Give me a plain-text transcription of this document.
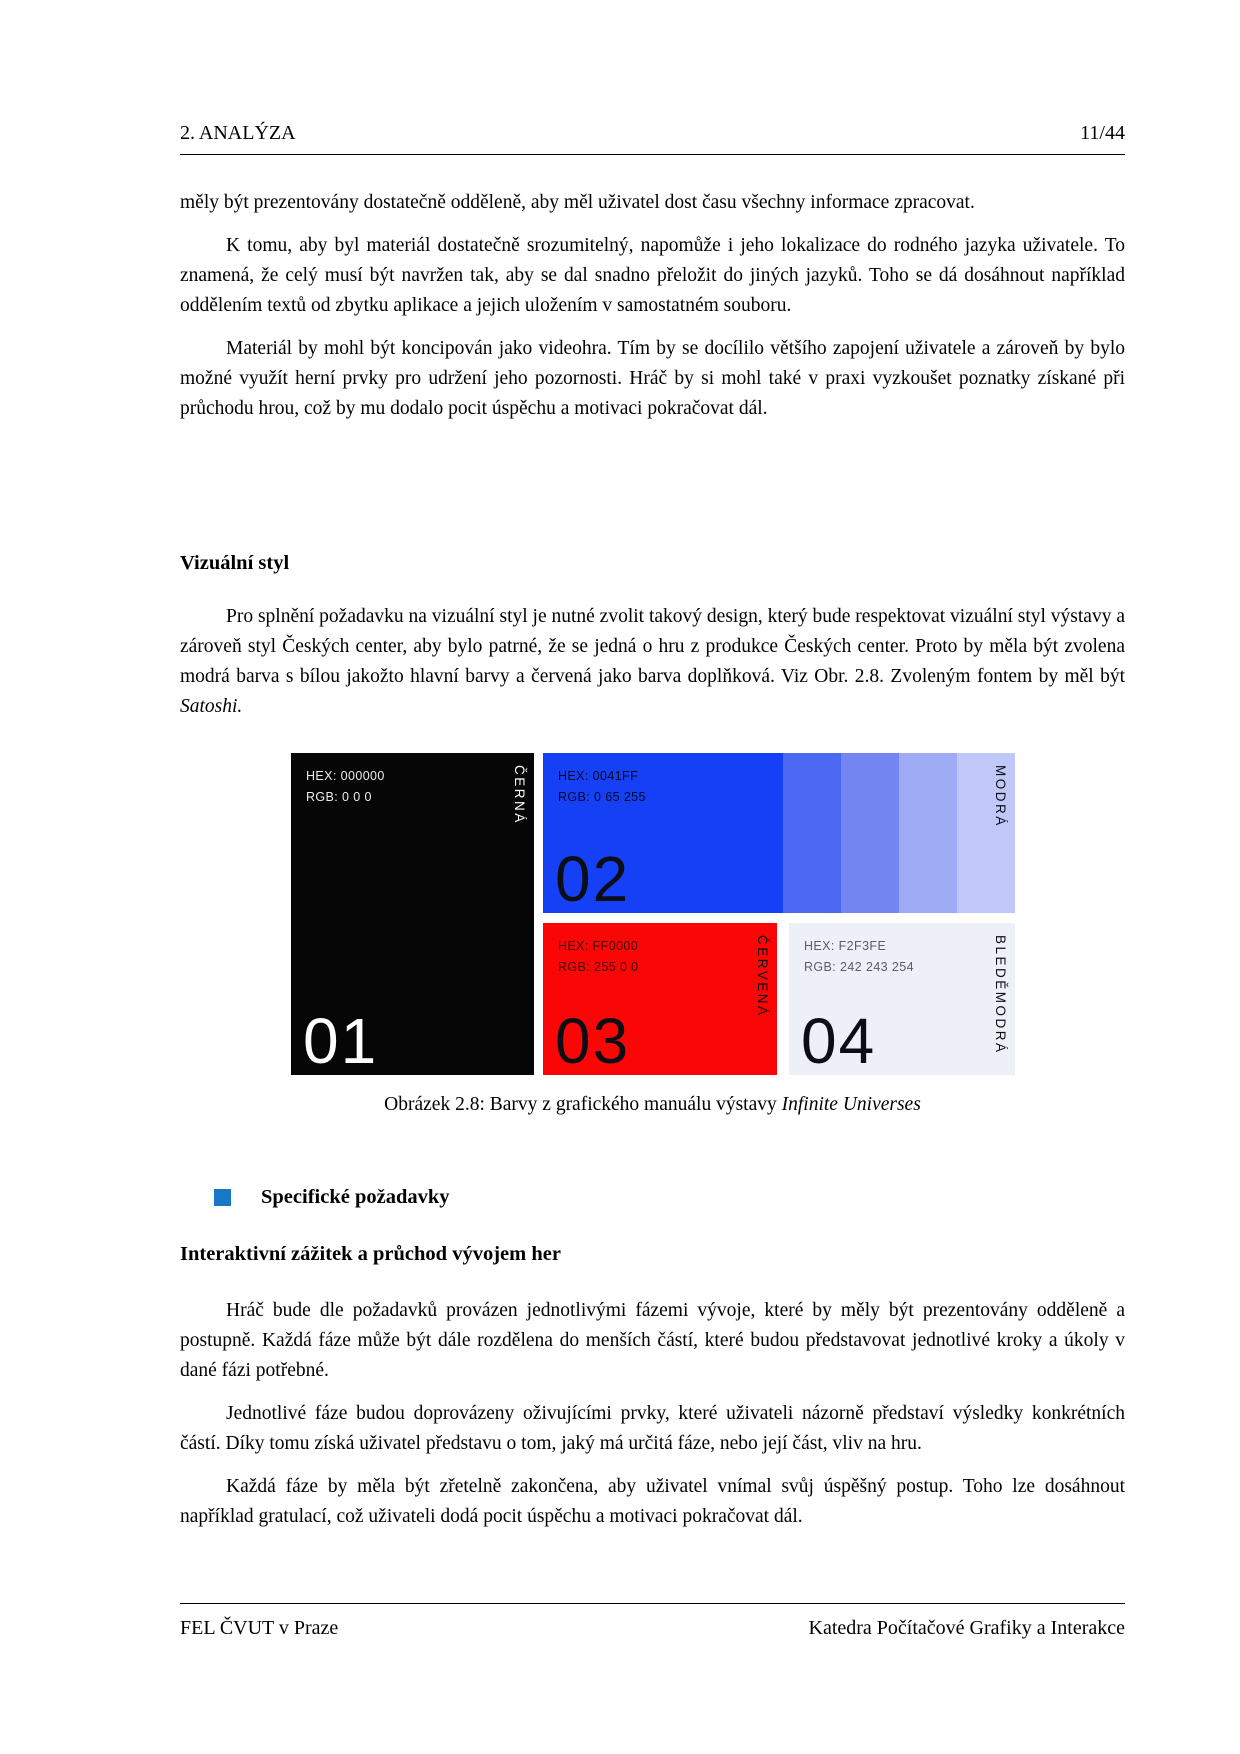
2. ANALÝZA	11/44

měly být prezentovány dostatečně odděleně, aby měl uživatel dost času všechny informace zpracovat.

K tomu, aby byl materiál dostatečně srozumitelný, napomůže i jeho lokalizace do rodného jazyka uživatele. To znamená, že celý musí být navržen tak, aby se dal snadno přeložit do jiných jazyků. Toho se dá dosáhnout například oddělením textů od zbytku aplikace a jejich uložením v samostatném souboru.

Materiál by mohl být koncipován jako videohra. Tím by se docílilo většího zapojení uživatele a zároveň by bylo možné využít herní prvky pro udržení jeho pozornosti. Hráč by si mohl také v praxi vyzkoušet poznatky získané při průchodu hrou, což by mu dodalo pocit úspěchu a motivaci pokračovat dál.

Vizuální styl

Pro splnění požadavku na vizuální styl je nutné zvolit takový design, který bude respektovat vizuální styl výstavy a zároveň styl Českých center, aby bylo patrné, že se jedná o hru z produkce Českých center. Proto by měla být zvolena modrá barva s bílou jakožto hlavní barvy a červená jako barva doplňková. Viz Obr. 2.8. Zvoleným fontem by měl být Satoshi.

HEX: 000000
RGB: 0 0 0	ČERNÁ
01
HEX: 0041FF
RGB: 0 65 255	MODRÁ
02
HEX: FF0000
RGB: 255 0 0	ČERVENÁ
03
HEX: F2F3FE
RGB: 242 243 254	BLEDĚMODRÁ
04
Obrázek 2.8: Barvy z grafického manuálu výstavy Infinite Universes
Specifické požadavky
Interaktivní zážitek a průchod vývojem her

Hráč bude dle požadavků provázen jednotlivými fázemi vývoje, které by měly být prezentovány odděleně a postupně. Každá fáze může být dále rozdělena do menších částí, které budou představovat jednotlivé kroky a úkoly v dané fázi potřebné.

Jednotlivé fáze budou doprovázeny oživujícími prvky, které uživateli názorně představí výsledky konkrétních částí. Díky tomu získá uživatel představu o tom, jaký má určitá fáze, nebo její část, vliv na hru.

Každá fáze by měla být zřetelně zakončena, aby uživatel vnímal svůj úspěšný postup. Toho lze dosáhnout například gratulací, což uživateli dodá pocit úspěchu a motivaci pokračovat dál.

FEL ČVUT v Praze	Katedra Počítačové Grafiky a Interakce
